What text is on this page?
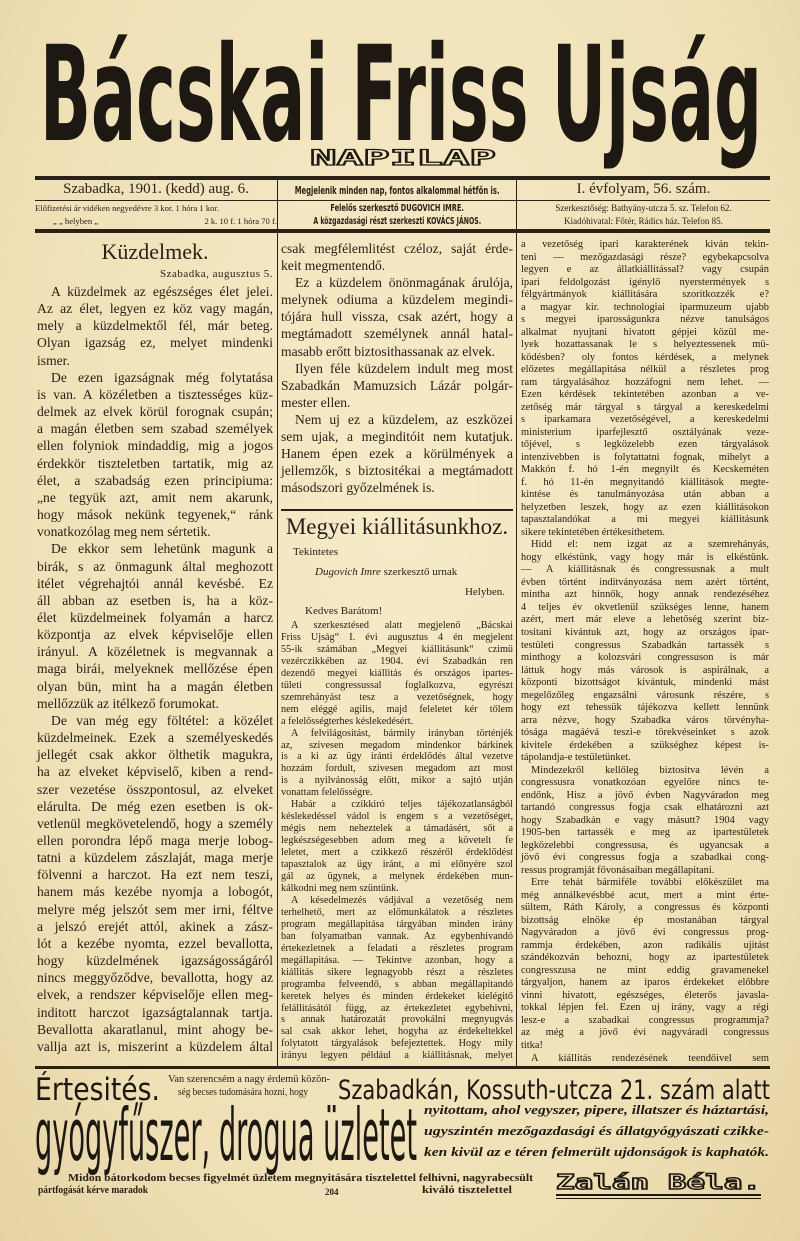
Bácskai Friss Ujság
NAPILAP
Szabadka, 1901. (kedd) aug. 6.	Megjelenik minden nap, fontos alkalommal hétfőn is.	I. évfolyam, 56. szám.
Előfizetési ár vidéken negyedévre 3 kor. 1 hóra 1 kor.
„ „ helyben „	2 k. 10 f. 1 hóra 70 f.
Felelős szerkesztő DUGOVICH IMRE.
A közgazdasági részt szerkeszti KOVÁCS JÁNOS.
Szerkesztőség: Bathyány-utcza 5. sz. Telefon 62.
Kiadóhivatal: Főtér, Rádics ház. Telefon 85.
Küzdelmek.
Szabadka, augusztus 5.
A küzdelmek az egészséges élet jelei.
Az az élet, legyen ez köz vagy magán,
mely a küzdelmektől fél, már beteg.
Olyan igazság ez, melyet mindenki
ismer.
De ezen igazságnak még folytatása
is van. A közéletben a tisztességes küz-
delmek az elvek körül forognak csupán;
a magán életben sem szabad személyek
ellen folyniok mindaddig, mig a jogos
érdekkör tiszteletben tartatik, mig az
élet, a szabadság ezen principiuma:
„ne tegyük azt, amit nem akarunk,
hogy mások nekünk tegyenek,“ ránk
vonatkozólag meg nem sértetik.
De ekkor sem lehetünk magunk a
birák, s az önmagunk által meghozott
itélet végrehajtói annál kevésbé. Ez
áll abban az esetben is, ha a köz-
élet küzdelmeinek folyamán a harcz
központja az elvek képviselője ellen
irányul. A közéletnek is megvannak a
maga birái, melyeknek mellőzése épen
olyan bün, mint ha a magán életben
mellőzzük az itélkező forumokat.
De van még egy föltétel: a közélet
küzdelmeinek. Ezek a személyeskedés
jellegét csak akkor ölthetik magukra,
ha az elveket képviselő, kiben a rend-
szer vezetése összpontosul, az elveket
elárulta. De még ezen esetben is ok-
vetlenül megkövetelendő, hogy a személy
ellen porondra lépő maga merje lobog-
tatni a küzdelem zászlaját, maga merje
fölvenni a harczot. Ha ezt nem teszi,
hanem más kezébe nyomja a lobogót,
melyre még jelszót sem mer irni, féltve
a jelszó erejét attól, akinek a zász-
lót a kezébe nyomta, ezzel bevallotta,
hogy küzdelmének igazságosságáról
nincs meggyőződve, bevallotta, hogy az
elvek, a rendszer képviselője ellen meg-
inditott harczot igazságtalannak tartja.
Bevallotta akaratlanul, mint ahogy be-
vallja azt is, miszerint a küzdelem által
csak megfélemlitést czéloz, saját érde-
keit megmentendő.
Ez a küzdelem önönmagának árulója,
melynek odiuma a küzdelem megindi-
tójára hull vissza, csak azért, hogy a
megtámadott személynek annál hatal-
masabb erőtt biztosithassanak az elvek.
Ilyen féle küzdelem indult meg most
Szabadkán Mamuzsich Lázár polgár-
mester ellen.
Nem uj ez a küzdelem, az eszközei
sem ujak, a meginditóit nem kutatjuk.
Hanem épen ezek a körülmények a
jellemzők, s biztositékai a megtámadott
másodszori győzelmének is.
Megyei kiállitásunkhoz.
Tekintetes
Dugovich Imre szerkesztő urnak
Helyben.
Kedves Barátom!
A szerkesztésed alatt megjelenő „Bácskai
Friss Ujság“ I. évi augusztus 4 én megjelent
55-ik számában „Megyei kiállitásunk“ czimü
vezérczikkében az 1904. évi Szabadkán ren
dezendő megyei kiállitás és országos ipartes-
tületi congressussal foglalkozva, egyrészt
szemrehányást tesz a vezetőségnek, hogy
nem eléggé agilis, majd feleletet kér tőlem
a felelősségterhes késlekedésért.
A felvilágositást, bármily irányban történjék
az, szivesen megadom mindenkor bárkinek
is a ki az ügy iránti érdeklődés által vezetve
hozzám fordult, szivesen megadom azt most
is a nyilvánosság előtt, mikor a sajtó utján
vonattam felelősségre.
Habár a czikkiró teljes tájékozatlanságból
késlekedéssel vádol is engem s a vezetőséget,
mégis nem neheztelek a támadásért, sőt a
legkészségesebben adom meg a követelt fe
leletet, mert a czikkező részéről érdeklődést
tapasztalok az ügy iránt, a mi előnyére szol
gál az ügynek, a melynek érdekében mun-
kálkodni meg nem szüntünk.
A késedelmezés vádjával a vezetőség nem
terhelhető, mert az előmunkálatok a részletes
program megállapitása tárgyában minden irány
ban folyamatban vannak. Az egybenhivandó
értekezletnek a feladati a részletes program
megállapitása. — Tekintve azonban, hogy a
kiállitás sikere legnagyobb részt a részletes
programba felveendő, s abban megállapitandó
keretek helyes és minden érdekeket kielégitő
felállitásától függ, az értekezletet egybehivni,
s annak határozatát provokálni megnyugvás
sal csak akkor lehet, hogyha az érdekeltekkel
folytatott tárgyalások befejeztettek. Hogy mily
irányu legyen például a kiállitásnak, melyet
a vezetőség ipari karakterének kiván tekin-
teni — mezőgazdasági része? egybekapcsolva
legyen e az állatkiállitással? vagy csupán
ipari feldolgozást igénylő nyerstermények s
félgyártmányok kiállitására szoritkozzék e?
a magyar kir. technologiai iparmuzeum ujabb
s megyei iparosságunkra nézve tanulságos
alkalmat nyujtani hivatott gépjei közül me-
lyek hozattassanak le s helyeztessenek mü-
ködésben? oly fontos kérdések, a melynek
előzetes megállapitása nélkül a részletes prog
ram tárgyalásához hozzáfogni nem lehet. —
Ezen kérdések tekintetében azonban a ve-
zetőség már tárgyal s tárgyal a kereskedelmi
s iparkamara vezetőségével, a kereskedelmi
ministerium iparfejlesztő osztályának veze-
tőjével, s legközelebb ezen tárgyalások
intenzivebben is folytattatni fognak, mihelyt a
Makkón f. hó 1-én megnyilt és Kecskeméten
f. hó 11-én megnyitandó kiállitások megte-
kintése és tanulmányozása után abban a
helyzetben leszek, hogy az ezen kiállitásokon
tapasztalandókat a mi megyei kiállitásunk
sikere tekintetében értékesithetem.
Hidd el: nem izgat az a szemrehányás,
hogy elkéstünk, vagy hogy már is elkéstünk.
— A kiállitásnak és congressusnak a mult
évben történt inditványozása nem azért történt,
mintha azt hinnők, hogy annak rendezéséhez
4 teljes év okvetlenül szükséges lenne, hanem
azért, mert már eleve a lehetőség szerint biz-
tositani kivántuk azt, hogy az országos ipar-
testületi congressus Szabadkán tartassék s
minthogy a kolozsvári congressuson is már
láttuk hogy más városok is aspirálnak, a
központi bizottságot kivántuk, mindenki mást
megelőzőleg engazsálni városunk részére, s
hogy ezt tehessük tájékozva kellett lennünk
arra nézve, hogy Szabadka város törvényha-
tósága magáévá teszi-e törekvéseinket s azok
kivitele érdekében a szükséghez képest is-
tápolandja-e testületünket.
Mindezekről kellőleg biztositva lévén a
congressusra vonatkozóan egyelőre nincs te-
endőnk, Hisz a jövő évben Nagyváradon meg
tartandó congressus fogja csak elhatározni azt
hogy Szabadkán e vagy másutt? 1904 vagy
1905-ben tartassék e meg az ipartestületek
legközelebbi congressusa, és ugyancsak a
jövő évi congressus fogja a szabadkai cong-
ressus programját fővonásaiban megállapitani.
Erre tehát bármiféle további előkészület ma
még annálkevésbbé acut, mert a mint érte-
sültem, Ráth Károly, a congressus és központi
bizottság elnöke ép mostanában tárgyal
Nagyváradon a jövő évi congressus prog-
rammja érdekében, azon radikális ujitást
szándékozván behozni, hogy az ipartestületek
congresszusa ne mint eddig gravamenekel
tárgyaljon, hanem az iparos érdekeket előbbre
vinni hivatott, egészséges, életerős javasla-
tokkal lépjen fel. Ezen uj irány, vagy a régi
lesz-e a szabadkai congressus programmja?
az még a jövő évi nagyváradi congressus
titka!
A kiállitás rendezésének teendőivel sem
Értesités. Van szerencsém a nagy érdemü közön-
ség becses tudomására hozni, hogy Szabadkán, Kossuth-utcza 21. szám alatt
gyógyfűszer, drogua üzletet nyitottam, ahol vegyszer, pipere, illatszer és háztartási,
ugyszintén mezőgazdasági és állatgyógyászati czikke-
ken kivül az e téren felmerült ujdonságok is kaphatók.
Midőn bátorkodom becses figyelmét üzletem megnyitására tisztelettel felhivni, nagyrabecsült
pártfogását kérve maradok	204	kiváló tisztelettel Zalán Béla.
